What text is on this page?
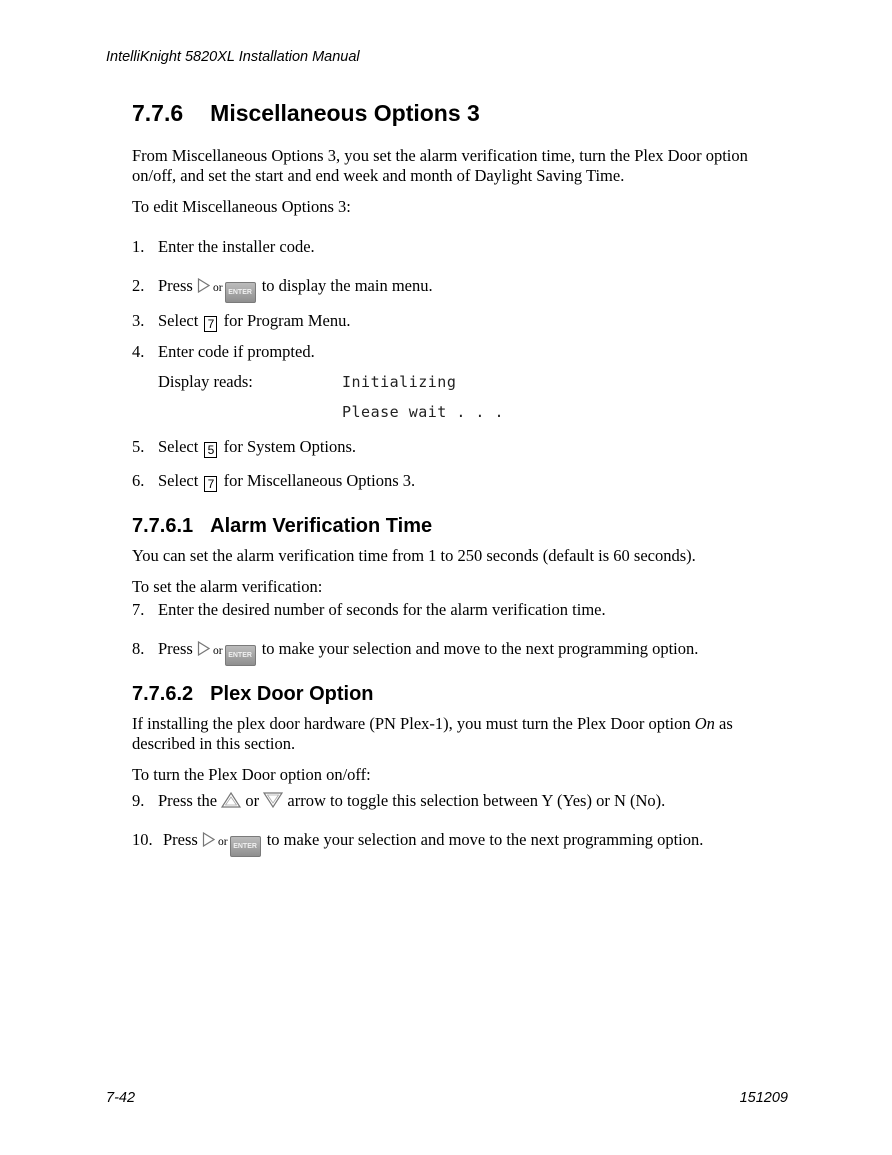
IntelliKnight 5820XL Installation Manual
7.7.6 Miscellaneous Options 3
From Miscellaneous Options 3, you set the alarm verification time, turn the Plex Door option on/off, and set the start and end week and month of Daylight Saving Time.
To edit Miscellaneous Options 3:
1. Enter the installer code.
2. Press or ENTER to display the main menu.
3. Select 7 for Program Menu.
4. Enter code if prompted.
Display reads:	Initializing
Please wait . . .
5. Select 5 for System Options.
6. Select 7 for Miscellaneous Options 3.
7.7.6.1 Alarm Verification Time
You can set the alarm verification time from 1 to 250 seconds (default is 60 seconds).
To set the alarm verification:
7. Enter the desired number of seconds for the alarm verification time.
8. Press or ENTER to make your selection and move to the next programming option.
7.7.6.2 Plex Door Option
If installing the plex door hardware (PN Plex-1), you must turn the Plex Door option On as described in this section.
To turn the Plex Door option on/off:
9. Press the or arrow to toggle this selection between Y (Yes) or N (No).
10. Press or ENTER to make your selection and move to the next programming option.
7-42	151209
